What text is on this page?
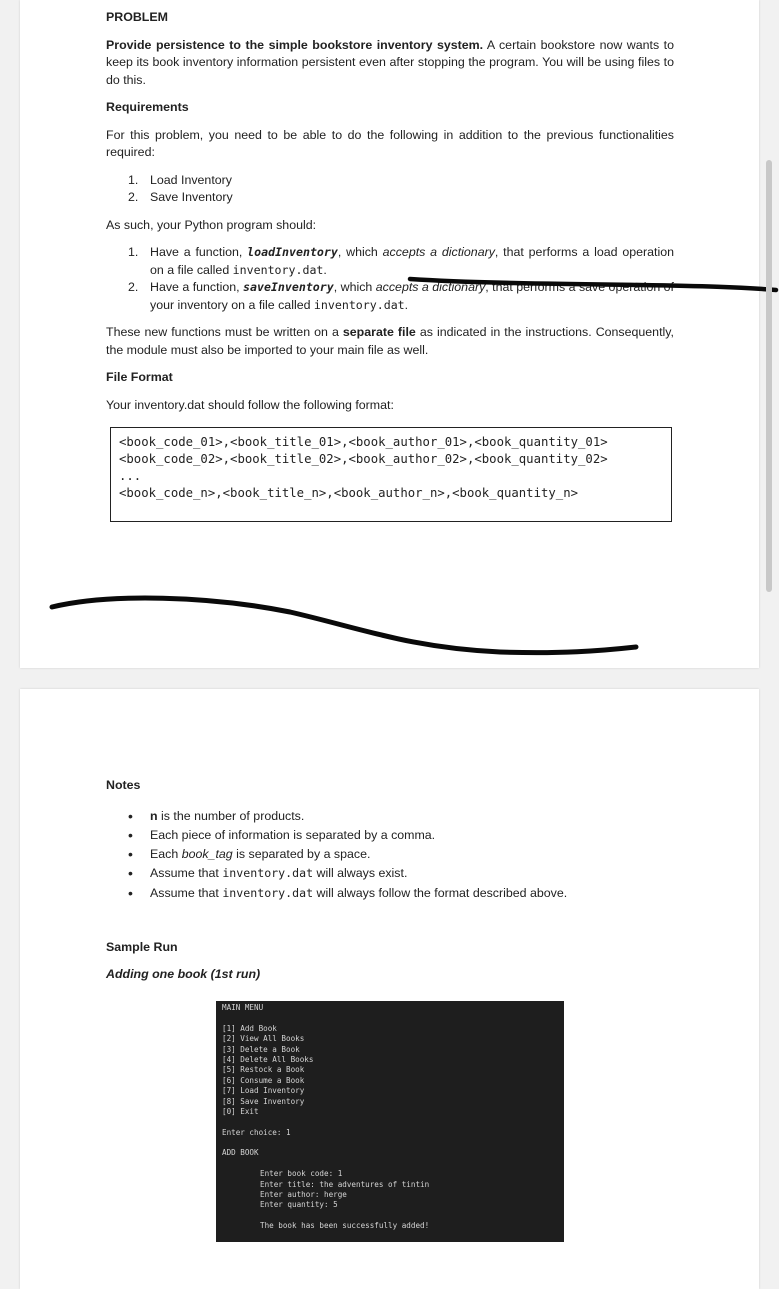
PROBLEM

Provide persistence to the simple bookstore inventory system. A certain bookstore now wants to keep its book inventory information persistent even after stopping the program. You will be using files to do this.

Requirements

For this problem, you need to be able to do the following in addition to the previous functionalities required:

1. Load Inventory
2. Save Inventory

As such, your Python program should:

1. Have a function, loadInventory, which accepts a dictionary, that performs a load operation on a file called inventory.dat.
2. Have a function, saveInventory, which accepts a dictionary, that performs a save operation of your inventory on a file called inventory.dat.

These new functions must be written on a separate file as indicated in the instructions. Consequently, the module must also be imported to your main file as well.

File Format

Your inventory.dat should follow the following format:

<book_code_01>,<book_title_01>,<book_author_01>,<book_quantity_01>
<book_code_02>,<book_title_02>,<book_author_02>,<book_quantity_02>
...
<book_code_n>,<book_title_n>,<book_author_n>,<book_quantity_n>

Notes

• n is the number of products.
• Each piece of information is separated by a comma.
• Each book_tag is separated by a space.
• Assume that inventory.dat will always exist.
• Assume that inventory.dat will always follow the format described above.

Sample Run

Adding one book (1st run)

MAIN MENU
[1] Add Book
[2] View All Books
[3] Delete a Book
[4] Delete All Books
[5] Restock a Book
[6] Consume a Book
[7] Load Inventory
[8] Save Inventory
[0] Exit
Enter choice: 1
ADD BOOK
Enter book code: 1
Enter title: the adventures of tintin
Enter author: herge
Enter quantity: 5
The book has been successfully added!
